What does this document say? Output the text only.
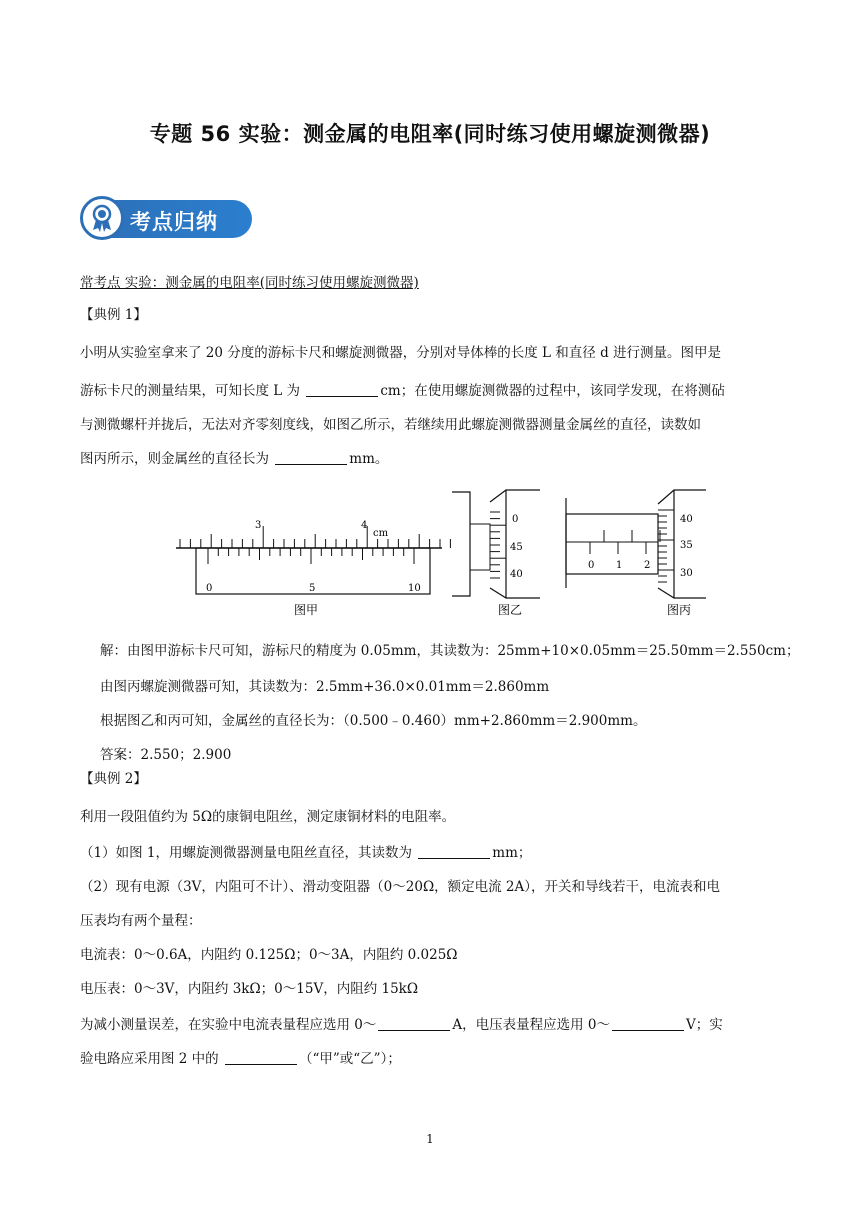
专题 56 实验：测金属的电阻率(同时练习使用螺旋测微器)
考点归纳
常考点 实验：测金属的电阻率(同时练习使用螺旋测微器)
【典例 1】
小明从实验室拿来了 20 分度的游标卡尺和螺旋测微器，分别对导体棒的长度 L 和直径 d 进行测量。图甲是
游标卡尺的测量结果，可知长度 L 为	cm；在使用螺旋测微器的过程中，该同学发现，在将测砧
与测微螺杆并拢后，无法对齐零刻度线，如图乙所示，若继续用此螺旋测微器测量金属丝的直径，读数如
图丙所示，则金属丝的直径长为	mm。
3	4
cm
0	5	10
图甲
0
45
40
图乙
0 1 2
40
35
30
图丙
解：由图甲游标卡尺可知，游标尺的精度为 0.05mm，其读数为：25mm+10×0.05mm＝25.50mm＝2.550cm；
由图丙螺旋测微器可知，其读数为：2.5mm+36.0×0.01mm＝2.860mm
根据图乙和丙可知，金属丝的直径长为：（0.500﹣0.460）mm+2.860mm＝2.900mm。
答案：2.550；2.900
【典例 2】
利用一段阻值约为 5Ω的康铜电阻丝，测定康铜材料的电阻率。
（1）如图 1，用螺旋测微器测量电阻丝直径，其读数为	mm；
（2）现有电源（3V，内阻可不计）、滑动变阻器（0～20Ω，额定电流 2A），开关和导线若干，电流表和电
压表均有两个量程：
电流表：0～0.6A，内阻约 0.125Ω；0～3A，内阻约 0.025Ω
电压表：0～3V，内阻约 3kΩ；0～15V，内阻约 15kΩ
为减小测量误差，在实验中电流表量程应选用 0～	A，电压表量程应选用 0～	V；实
验电路应采用图 2 中的	（“甲”或“乙”）；
1
